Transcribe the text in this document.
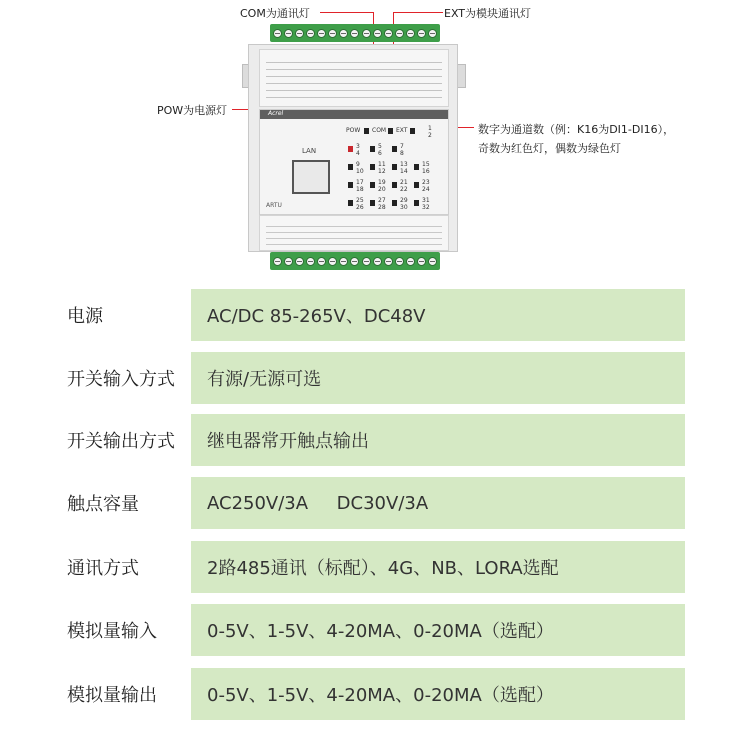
COM为通讯灯	EXT为模块通讯灯
POW为电源灯
数字为通道数（例：K16为DI1-DI16），
奇数为红色灯，偶数为绿色灯
Acrel
LAN
ARTU
POW COM EXT	1
2
3
4
5
6
7
8
9
10
11
12
13
14
15
16
17
18
19
20
21
22
23
24
25
26
27
28
29
30
31
32
电源	AC/DC 85-265V、DC48V
开关输入方式	有源/无源可选
开关输出方式	继电器常开触点输出
触点容量	AC250V/3A     DC30V/3A
通讯方式	2路485通讯（标配）、4G、NB、LORA选配
模拟量输入	0-5V、1-5V、4-20MA、0-20MA（选配）
模拟量输出	0-5V、1-5V、4-20MA、0-20MA（选配）
